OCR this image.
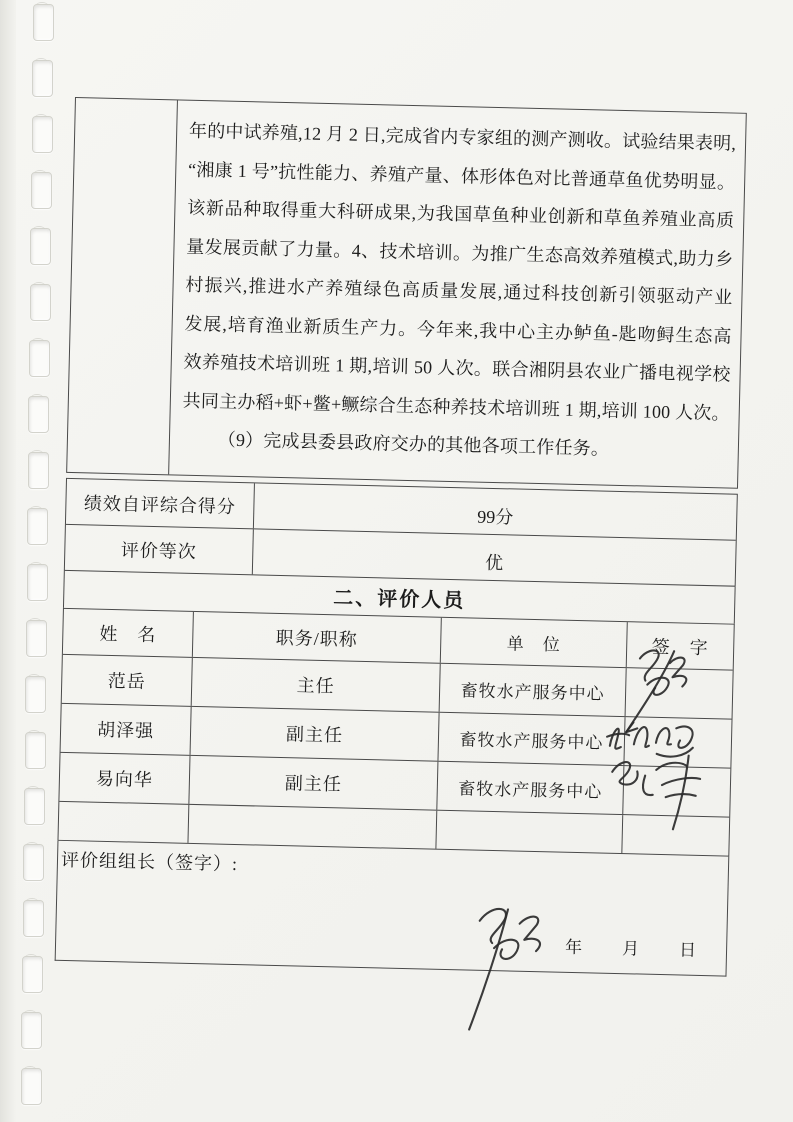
年的中试养殖,12 月 2 日,完成省内专家组的测产测收。试验结果表明,
“湘康 1 号”抗性能力、养殖产量、体形体色对比普通草鱼优势明显。
该新品种取得重大科研成果,为我国草鱼种业创新和草鱼养殖业高质
量发展贡献了力量。4、技术培训。为推广生态高效养殖模式,助力乡
村振兴,推进水产养殖绿色高质量发展,通过科技创新引领驱动产业
发展,培育渔业新质生产力。今年来,我中心主办鲈鱼-匙吻鲟生态高
效养殖技术培训班 1 期,培训 50 人次。联合湘阴县农业广播电视学校
共同主办稻+虾+鳖+鳜综合生态种养技术培训班 1 期,培训 100 人次。
（9）完成县委县政府交办的其他各项工作任务。
绩效自评综合得分
99分
评价等次
优
二、评价人员
姓　名	职务/职称	单　位	签　字
范岳	主任	畜牧水产服务中心
胡泽强	副主任	畜牧水产服务中心
易向华	副主任	畜牧水产服务中心
评价组组长（签字）:
年　　月　　日
